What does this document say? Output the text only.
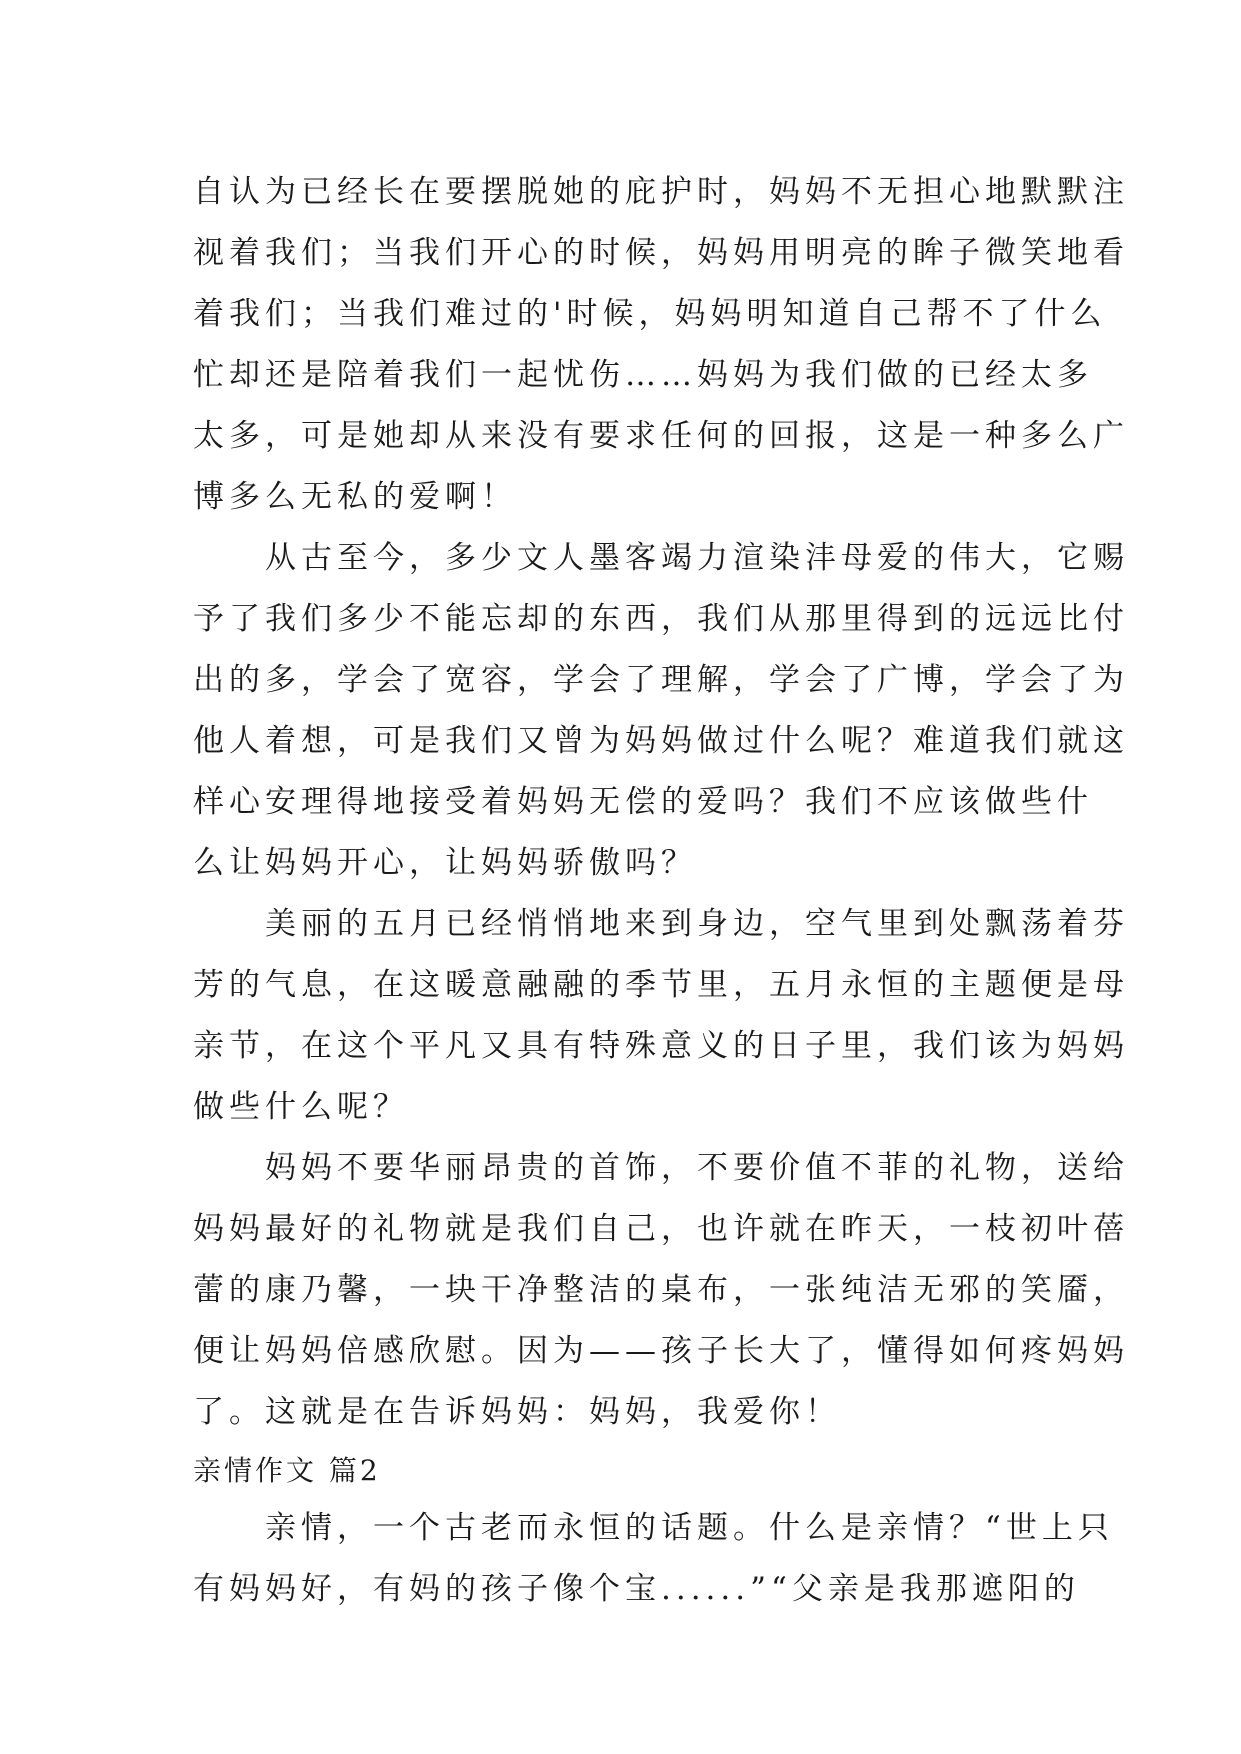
自认为已经长在要摆脱她的庇护时，妈妈不无担心地默默注
视着我们；当我们开心的时候，妈妈用明亮的眸子微笑地看
着我们；当我们难过的'时候，妈妈明知道自己帮不了什么
忙却还是陪着我们一起忧伤……妈妈为我们做的已经太多
太多，可是她却从来没有要求任何的回报，这是一种多么广
博多么无私的爱啊！
　　从古至今，多少文人墨客竭力渲染沣母爱的伟大，它赐
予了我们多少不能忘却的东西，我们从那里得到的远远比付
出的多，学会了宽容，学会了理解，学会了广博，学会了为
他人着想，可是我们又曾为妈妈做过什么呢？难道我们就这
样心安理得地接受着妈妈无偿的爱吗？我们不应该做些什
么让妈妈开心，让妈妈骄傲吗？
　　美丽的五月已经悄悄地来到身边，空气里到处飘荡着芬
芳的气息，在这暖意融融的季节里，五月永恒的主题便是母
亲节，在这个平凡又具有特殊意义的日子里，我们该为妈妈
做些什么呢？
　　妈妈不要华丽昂贵的首饰，不要价值不菲的礼物，送给
妈妈最好的礼物就是我们自己，也许就在昨天，一枝初叶蓓
蕾的康乃馨，一块干净整洁的桌布，一张纯洁无邪的笑靥，
便让妈妈倍感欣慰。因为——孩子长大了，懂得如何疼妈妈
了。这就是在告诉妈妈：妈妈，我爱你！
亲情作文 篇2
　　亲情，一个古老而永恒的话题。什么是亲情？“世上只
有妈妈好，有妈的孩子像个宝......”“父亲是我那遮阳的
